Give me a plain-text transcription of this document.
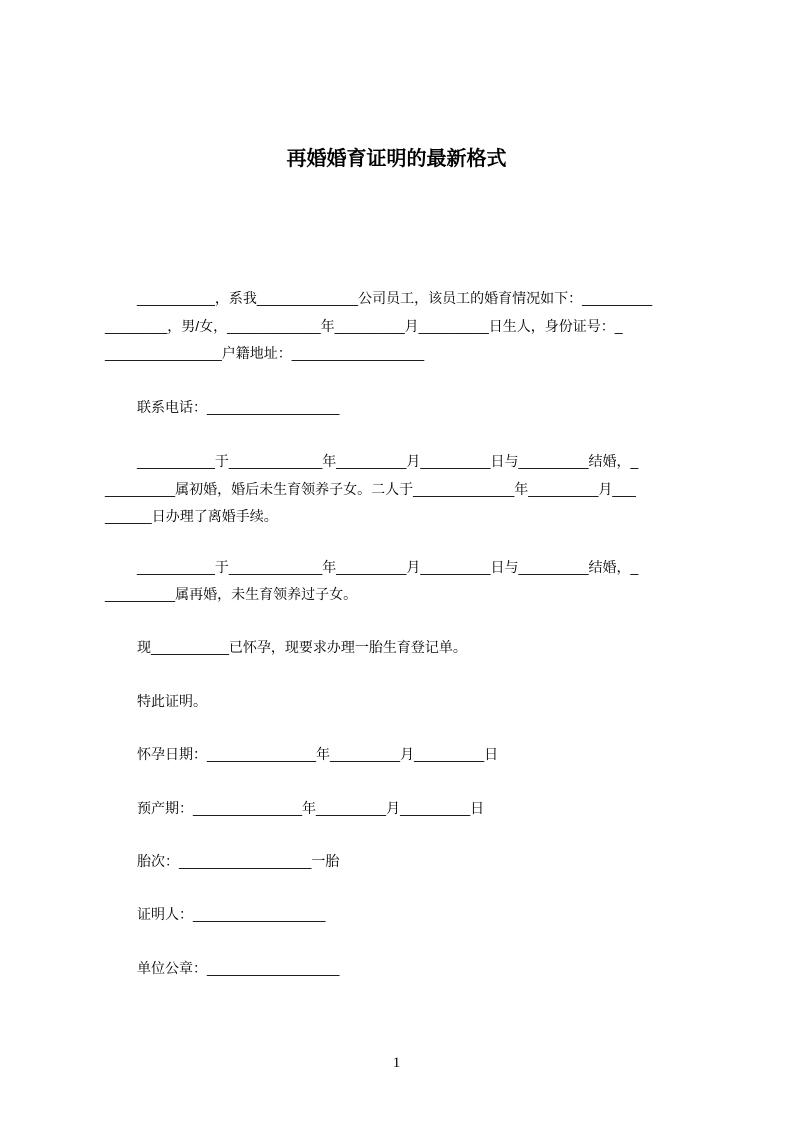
再婚婚育证明的最新格式
__________，系我_____________公司员工，该员工的婚育情况如下：_________
________，男/女，____________年_________月_________日生人，身份证号：_
_______________户籍地址：_________________
联系电话：_________________
__________于____________年_________月_________日与_________结婚，_
_________属初婚，婚后未生育领养子女。二人于_____________年_________月___
______日办理了离婚手续。
__________于____________年_________月_________日与_________结婚，_
_________属再婚，未生育领养过子女。
现__________已怀孕，现要求办理一胎生育登记单。
特此证明。
怀孕日期：______________年_________月_________日
预产期：______________年_________月_________日
胎次：_________________一胎
证明人：_________________
单位公章：_________________
1
